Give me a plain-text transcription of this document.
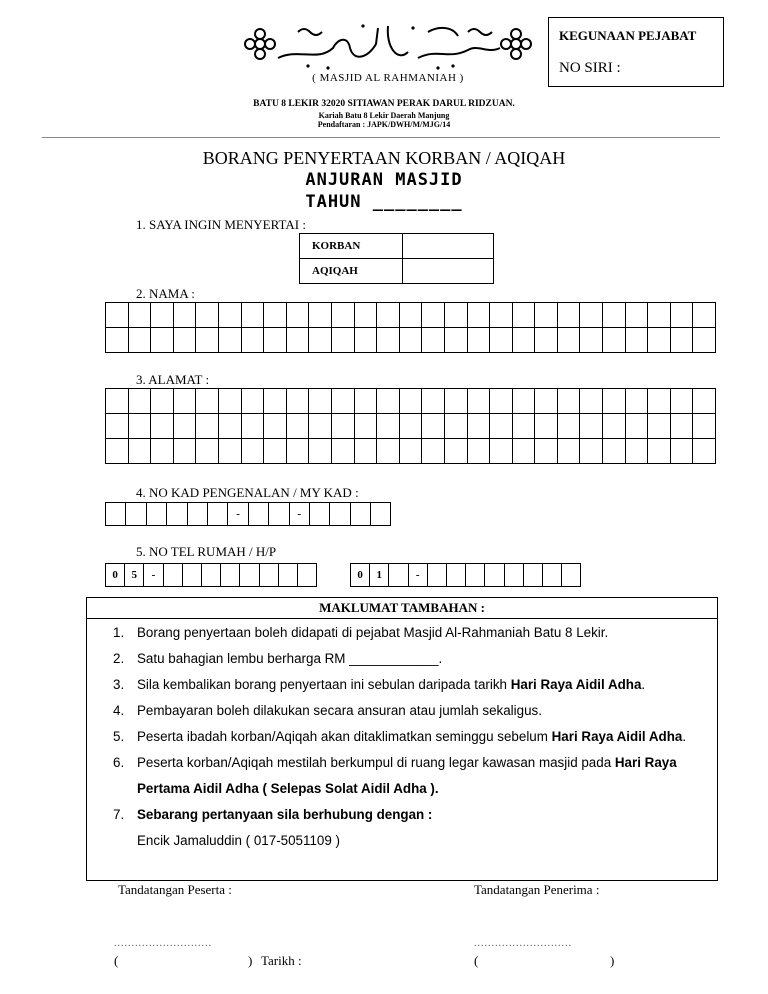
( MASJID AL RAHMANIAH )
KEGUNAAN PEJABAT
NO SIRI :
BATU 8 LEKIR 32020 SITIAWAN PERAK DARUL RIDZUAN.
Kariah Batu 8 Lekir Daerah Manjung
Pendaftaran : JAPK/DWH/M/MJG/14
BORANG PENYERTAAN KORBAN / AQIQAH
ANJURAN MASJID
TAHUN ________
1. SAYA INGIN MENYERTAI :
KORBAN	
AQIQAH	
2. NAMA :

3. ALAMAT :

4. NO KAD PENGENALAN / MY KAD :
						-			-				
5. NO TEL RUMAH / H/P
0	5	-									0	1		-								
MAKLUMAT TAMBAHAN :
1. Borang penyertaan boleh didapati di pejabat Masjid Al-Rahmaniah Batu 8 Lekir.
2. Satu bahagian lembu berharga RM ____________.
3. Sila kembalikan borang penyertaan ini sebulan daripada tarikh Hari Raya Aidil Adha.
4. Pembayaran boleh dilakukan secara ansuran atau jumlah sekaligus.
5. Peserta ibadah korban/Aqiqah akan ditaklimatkan seminggu sebelum Hari Raya Aidil Adha.
6. Peserta korban/Aqiqah mestilah berkumpul di ruang legar kawasan masjid pada Hari Raya Pertama Aidil Adha ( Selepas Solat Aidil Adha ).
7. Sebarang pertanyaan sila berhubung dengan :
Encik Jamaluddin ( 017-5051109 )
Tandatangan Peserta :	Tandatangan Penerima :
............................	............................
(	) Tarikh :	(	)
